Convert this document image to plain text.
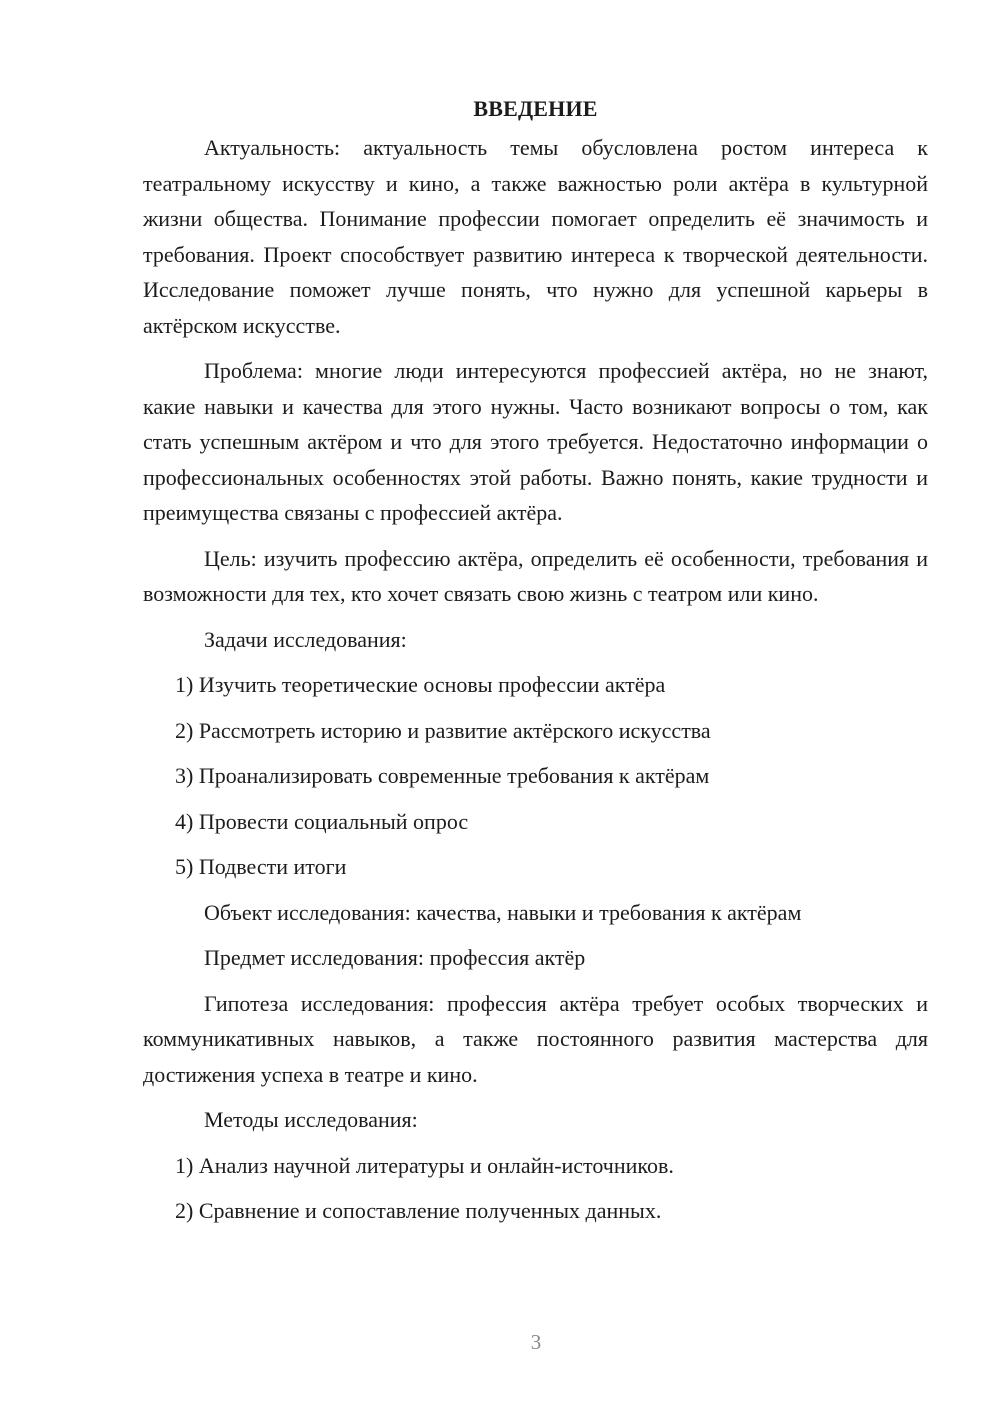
ВВЕДЕНИЕ

Актуальность: актуальность темы обусловлена ростом интереса к театральному искусству и кино, а также важностью роли актёра в культурной жизни общества. Понимание профессии помогает определить её значимость и требования. Проект способствует развитию интереса к творческой деятельности. Исследование поможет лучше понять, что нужно для успешной карьеры в актёрском искусстве.

Проблема: многие люди интересуются профессией актёра, но не знают, какие навыки и качества для этого нужны. Часто возникают вопросы о том, как стать успешным актёром и что для этого требуется. Недостаточно информации о профессиональных особенностях этой работы. Важно понять, какие трудности и преимущества связаны с профессией актёра.

Цель: изучить профессию актёра, определить её особенности, требования и возможности для тех, кто хочет связать свою жизнь с театром или кино.

Задачи исследования:

1) Изучить теоретические основы профессии актёра
2) Рассмотреть историю и развитие актёрского искусства
3) Проанализировать современные требования к актёрам
4) Провести социальный опрос
5) Подвести итоги

Объект исследования: качества, навыки и требования к актёрам

Предмет исследования: профессия актёр

Гипотеза исследования: профессия актёра требует особых творческих и коммуникативных навыков, а также постоянного развития мастерства для достижения успеха в театре и кино.

Методы исследования:

1) Анализ научной литературы и онлайн-источников.
2) Сравнение и сопоставление полученных данных.
3
